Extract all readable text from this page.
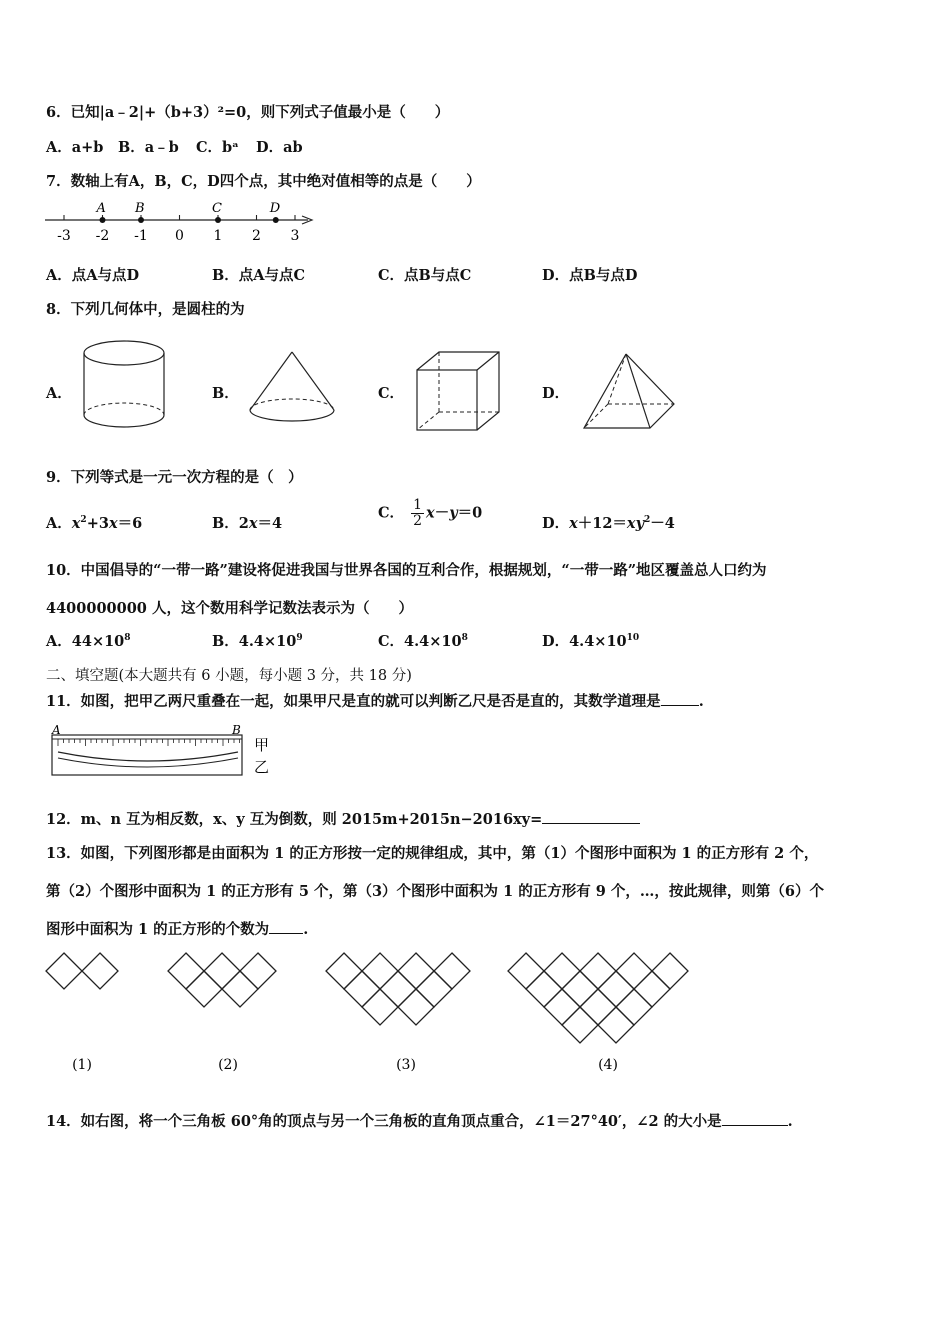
6．已知|a﹣2|+（b+3）²=0，则下列式子值最小是（　　）
A．a+b B．a﹣b C．bᵃ D．ab
7．数轴上有A，B，C，D四个点，其中绝对值相等的点是（　　）
-3 -2 -1 0 1 2 3
A B	C	D
A．点A与点D	B．点A与点C	C．点B与点C	D．点B与点D
8．下列几何体中，是圆柱的为
A．	B．	C．	D．
9．下列等式是一元一次方程的是（　）
A．$x^2+3x=6$	B．2x＝4
C． $\frac{1}{2} x-y=0$
D．$x+12=xy^2-4$
10．中国倡导的“一带一路”建设将促进我国与世界各国的互利合作，根据规划，“一带一路”地区覆盖总人口约为
4400000000 人，这个数用科学记数法表示为（　　）
A．$44\times 10^8$	B．$4.4\times 10^9$	C．$4.4\times 10^8$	D．$4.4\times 10^{10}$
二、填空题(本大题共有 6 小题，每小题 3 分，共 18 分)
11．如图，把甲乙两尺重叠在一起，如果甲尺是直的就可以判断乙尺是否是直的，其数学道理是	.
A	B
甲
乙
12．m、n 互为相反数，x、y 互为倒数，则 2015m+2015n−2016xy=
13．如图，下列图形都是由面积为 1 的正方形按一定的规律组成，其中，第（1）个图形中面积为 1 的正方形有 2 个，
第（2）个图形中面积为 1 的正方形有 5 个，第（3）个图形中面积为 1 的正方形有 9 个，…，按此规律，则第（6）个
图形中面积为 1 的正方形的个数为 .
(1)	(2)	(3)	(4)
14．如右图，将一个三角板 60°角的顶点与另一个三角板的直角顶点重合，∠1＝27°40′，∠2 的大小是	.
